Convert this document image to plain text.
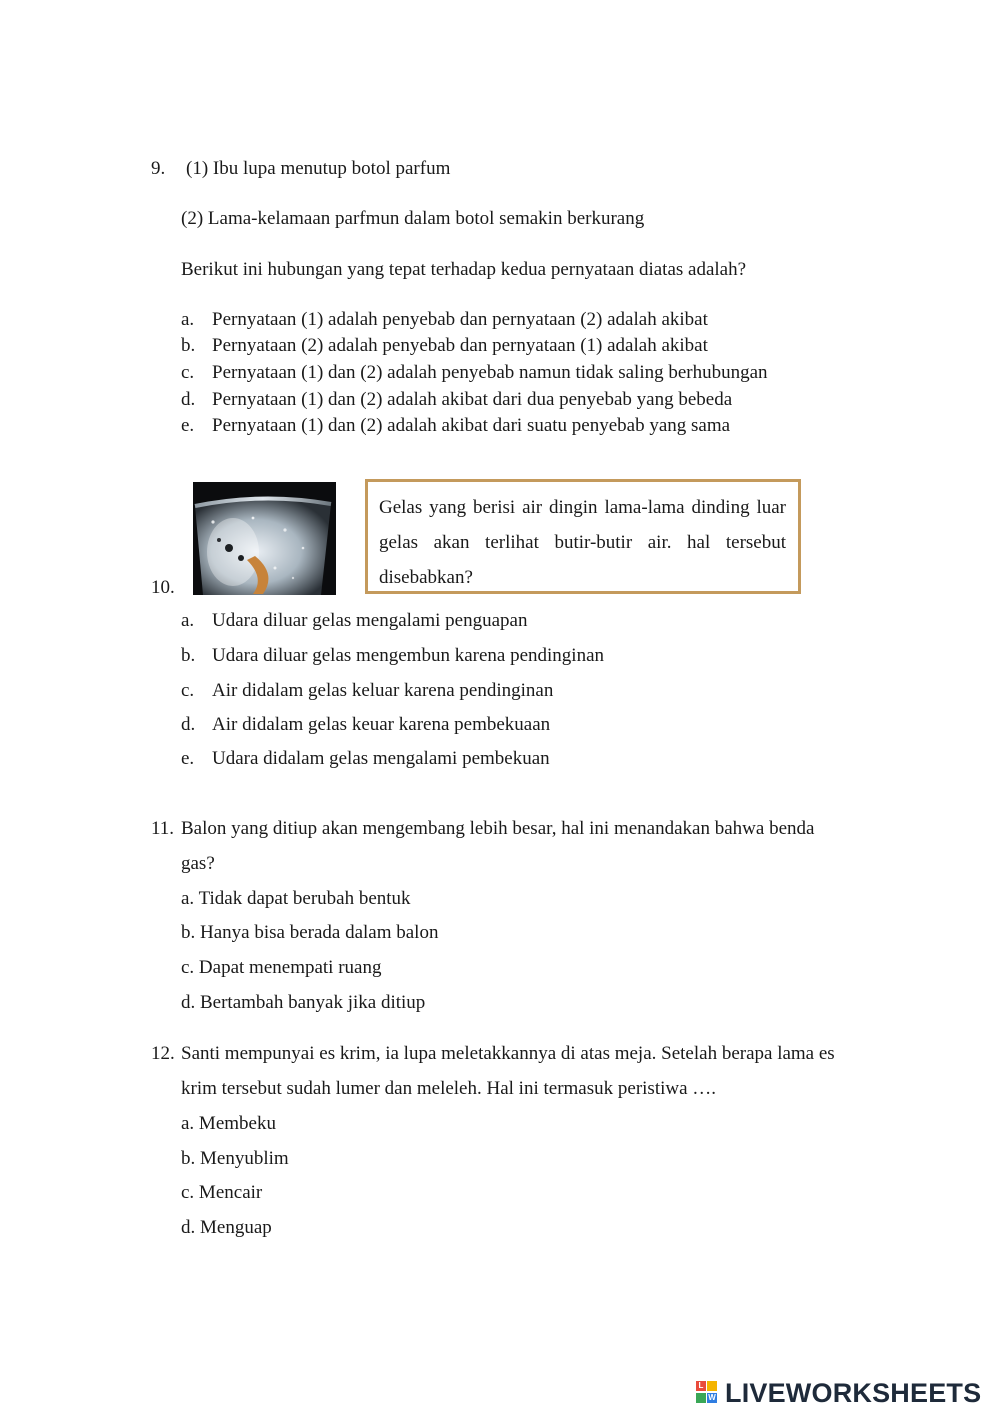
9. (1) Ibu lupa menutup botol parfum
(2) Lama-kelamaan parfmun dalam botol semakin berkurang
Berikut ini hubungan yang tepat terhadap kedua pernyataan diatas adalah?
a. Pernyataan (1) adalah penyebab dan pernyataan (2) adalah akibat
b. Pernyataan (2) adalah penyebab dan pernyataan (1) adalah akibat
c. Pernyataan (1) dan (2) adalah penyebab namun tidak saling berhubungan
d. Pernyataan (1) dan (2) adalah akibat dari dua penyebab yang bebeda
e. Pernyataan (1) dan (2) adalah akibat dari suatu penyebab yang sama
10.
Gelas yang berisi air dingin lama-lama dinding luar gelas akan terlihat butir-butir air. hal tersebut disebabkan?
a. Udara diluar gelas mengalami penguapan
b. Udara diluar gelas mengembun karena pendinginan
c. Air didalam gelas keluar karena pendinginan
d. Air didalam gelas keuar karena pembekuaan
e. Udara didalam gelas mengalami pembekuan
11. Balon yang ditiup akan mengembang lebih besar, hal ini menandakan bahwa benda
gas?
a. Tidak dapat berubah bentuk
b. Hanya bisa berada dalam balon
c. Dapat menempati ruang
d. Bertambah banyak jika ditiup
12. Santi mempunyai es krim, ia lupa meletakkannya di atas meja. Setelah berapa lama es
krim tersebut sudah lumer dan meleleh. Hal ini termasuk peristiwa ….
a. Membeku
b. Menyublim
c. Mencair
d. Menguap
L
W LIVEWORKSHEETS
